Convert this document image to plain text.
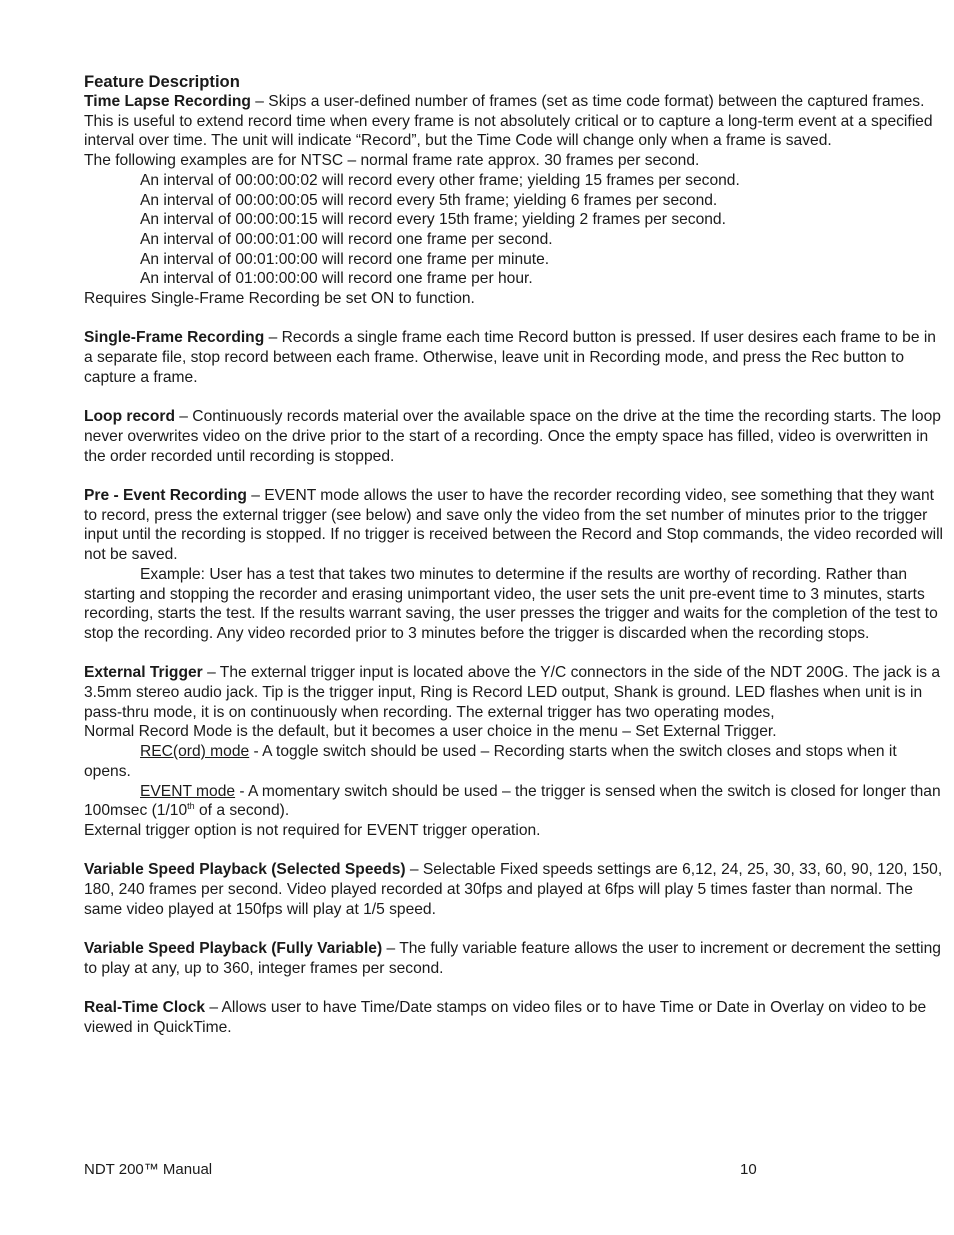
Feature Description

Time Lapse Recording – Skips a user-defined number of frames (set as time code format) between the captured frames. This is useful to extend record time when every frame is not absolutely critical or to capture a long-term event at a specified interval over time. The unit will indicate “Record”, but the Time Code will change only when a frame is saved.

The following examples are for NTSC – normal frame rate approx. 30 frames per second.

An interval of 00:00:00:02 will record every other frame; yielding 15 frames per second.

An interval of 00:00:00:05 will record every 5th frame; yielding 6 frames per second.

An interval of 00:00:00:15 will record every 15th frame; yielding 2 frames per second.

An interval of 00:00:01:00 will record one frame per second.

An interval of 00:01:00:00 will record one frame per minute.

An interval of 01:00:00:00 will record one frame per hour.

Requires Single-Frame Recording be set ON to function.

Single-Frame Recording – Records a single frame each time Record button is pressed. If user desires each frame to be in a separate file, stop record between each frame. Otherwise, leave unit in Recording mode, and press the Rec button to capture a frame.

Loop record – Continuously records material over the available space on the drive at the time the recording starts. The loop never overwrites video on the drive prior to the start of a recording. Once the empty space has filled, video is overwritten in the order recorded until recording is stopped.

Pre - Event Recording – EVENT mode allows the user to have the recorder recording video, see something that they want to record, press the external trigger (see below) and save only the video from the set number of minutes prior to the trigger input until the recording is stopped. If no trigger is received between the Record and Stop commands, the video recorded will not be saved.

Example: User has a test that takes two minutes to determine if the results are worthy of recording. Rather than starting and stopping the recorder and erasing unimportant video, the user sets the unit pre-event time to 3 minutes, starts recording, starts the test. If the results warrant saving, the user presses the trigger and waits for the completion of the test to stop the recording. Any video recorded prior to 3 minutes before the trigger is discarded when the recording stops.

External Trigger – The external trigger input is located above the Y/C connectors in the side of the NDT 200G. The jack is a 3.5mm stereo audio jack. Tip is the trigger input, Ring is Record LED output, Shank is ground. LED flashes when unit is in pass-thru mode, it is on continuously when recording. The external trigger has two operating modes,

Normal Record Mode is the default, but it becomes a user choice in the menu – Set External Trigger.

REC(ord) mode - A toggle switch should be used – Recording starts when the switch closes and stops when it opens.

EVENT mode - A momentary switch should be used – the trigger is sensed when the switch is closed for longer than 100msec (1/10th of a second).

External trigger option is not required for EVENT trigger operation.

Variable Speed Playback (Selected Speeds) – Selectable Fixed speeds settings are 6,12, 24, 25, 30, 33, 60, 90, 120, 150, 180, 240 frames per second. Video played recorded at 30fps and played at 6fps will play 5 times faster than normal. The same video played at 150fps will play at 1/5 speed.

Variable Speed Playback (Fully Variable) – The fully variable feature allows the user to increment or decrement the setting to play at any, up to 360, integer frames per second.

Real-Time Clock – Allows user to have Time/Date stamps on video files or to have Time or Date in Overlay on video to be viewed in QuickTime.

NDT 200™ Manual	10
